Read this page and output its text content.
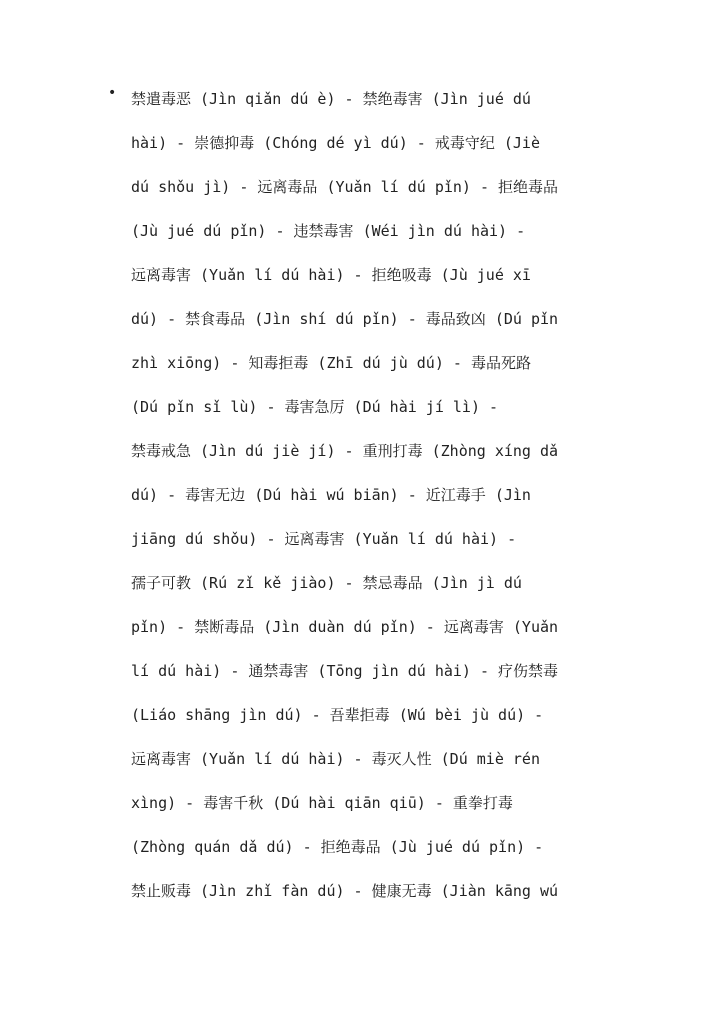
• 禁遣毒恶 (Jìn qiǎn dú è) - 禁绝毒害 (Jìn jué dú
hài) - 崇德抑毒 (Chóng dé yì dú) - 戒毒守纪 (Jiè
dú shǒu jì) - 远离毒品 (Yuǎn lí dú pǐn) - 拒绝毒品
(Jù jué dú pǐn) - 违禁毒害 (Wéi jìn dú hài) -
远离毒害 (Yuǎn lí dú hài) - 拒绝吸毒 (Jù jué xī
dú) - 禁食毒品 (Jìn shí dú pǐn) - 毒品致凶 (Dú pǐn
zhì xiōng) - 知毒拒毒 (Zhī dú jù dú) - 毒品死路
(Dú pǐn sǐ lù) - 毒害急厉 (Dú hài jí lì) -
禁毒戒急 (Jìn dú jiè jí) - 重刑打毒 (Zhòng xíng dǎ
dú) - 毒害无边 (Dú hài wú biān) - 近江毒手 (Jìn
jiāng dú shǒu) - 远离毒害 (Yuǎn lí dú hài) -
孺子可教 (Rú zǐ kě jiào) - 禁忌毒品 (Jìn jì dú
pǐn) - 禁断毒品 (Jìn duàn dú pǐn) - 远离毒害 (Yuǎn
lí dú hài) - 通禁毒害 (Tōng jìn dú hài) - 疗伤禁毒
(Liáo shāng jìn dú) - 吾辈拒毒 (Wú bèi jù dú) -
远离毒害 (Yuǎn lí dú hài) - 毒灭人性 (Dú miè rén
xìng) - 毒害千秋 (Dú hài qiān qiū) - 重拳打毒
(Zhòng quán dǎ dú) - 拒绝毒品 (Jù jué dú pǐn) -
禁止贩毒 (Jìn zhǐ fàn dú) - 健康无毒 (Jiàn kāng wú
